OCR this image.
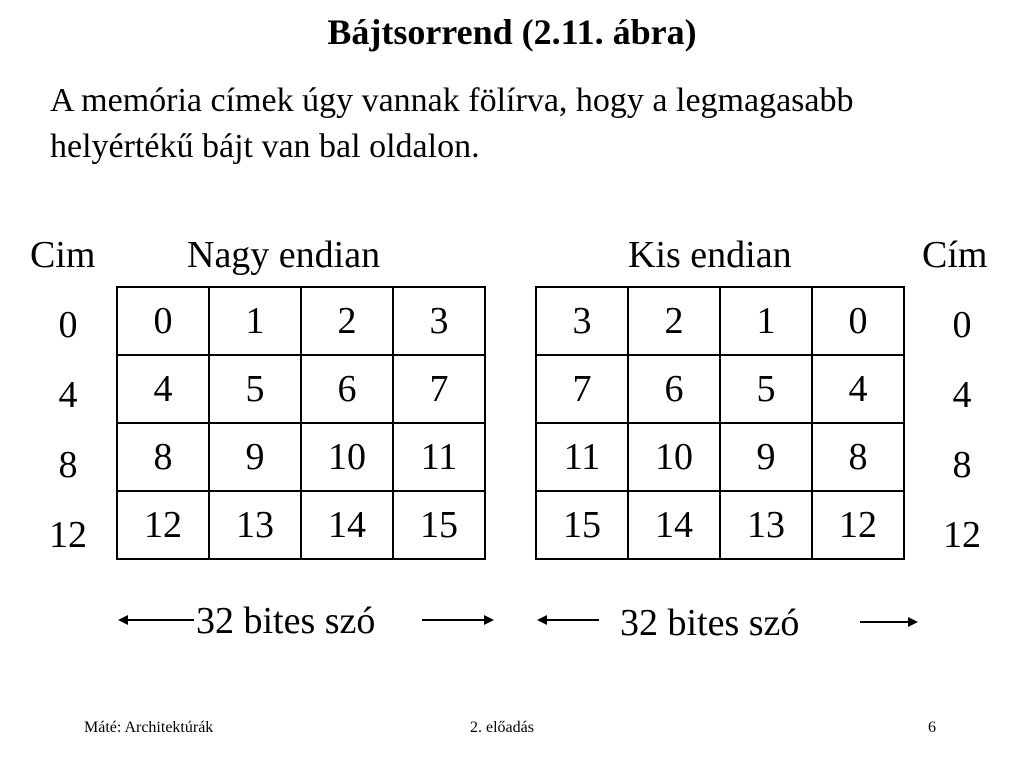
Bájtsorrend (2.11. ábra)
A memória címek úgy vannak fölírva, hogy a legmagasabb helyértékű bájt van bal oldalon.
Cim Nagy endian	Kis endian	Cím
0
4
8
12
0	1	2	3
4	5	6	7
8	9	10	11
12	13	14	15
3	2	1	0
7	6	5	4
11	10	9	8
15	14	13	12
0
4
8
12
32 bites szó	32 bites szó
Máté: Architektúrák	2. előadás	6
